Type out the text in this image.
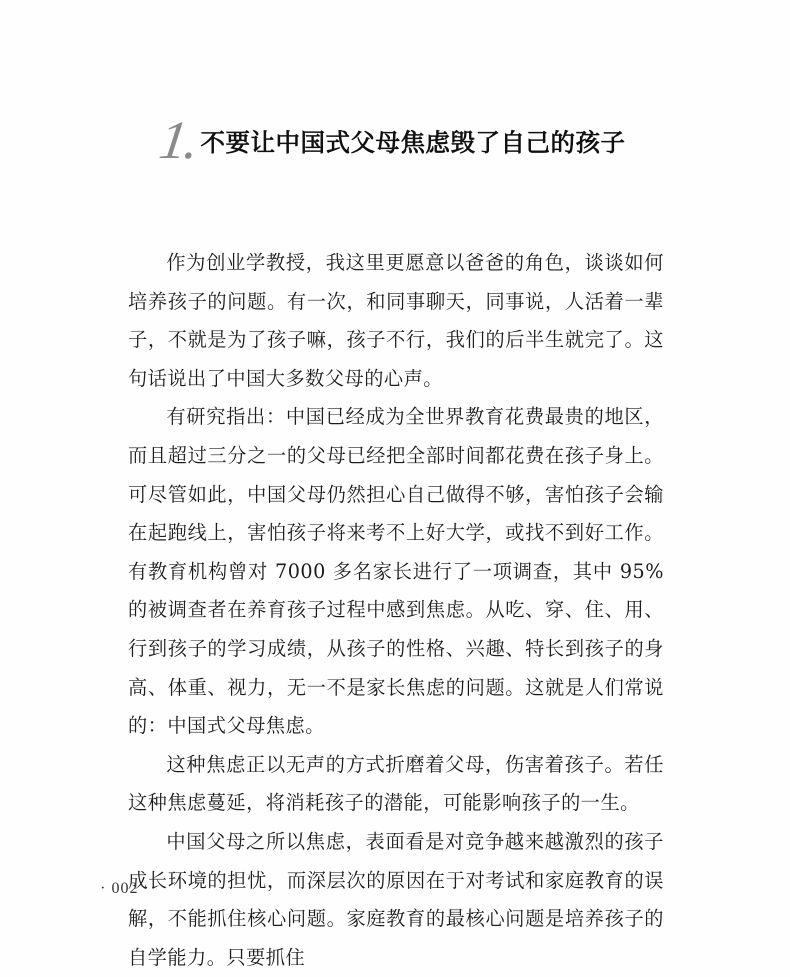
1. 不要让中国式父母焦虑毁了自己的孩子

作为创业学教授，我这里更愿意以爸爸的角色，谈谈如何培养孩子的问题。有一次，和同事聊天，同事说，人活着一辈子，不就是为了孩子嘛，孩子不行，我们的后半生就完了。这句话说出了中国大多数父母的心声。

有研究指出：中国已经成为全世界教育花费最贵的地区，而且超过三分之一的父母已经把全部时间都花费在孩子身上。可尽管如此，中国父母仍然担心自己做得不够，害怕孩子会输在起跑线上，害怕孩子将来考不上好大学，或找不到好工作。有教育机构曾对 7000 多名家长进行了一项调查，其中 95% 的被调查者在养育孩子过程中感到焦虑。从吃、穿、住、用、行到孩子的学习成绩，从孩子的性格、兴趣、特长到孩子的身高、体重、视力，无一不是家长焦虑的问题。这就是人们常说的：中国式父母焦虑。

这种焦虑正以无声的方式折磨着父母，伤害着孩子。若任这种焦虑蔓延，将消耗孩子的潜能，可能影响孩子的一生。

中国父母之所以焦虑，表面看是对竞争越来越激烈的孩子成长环境的担忧，而深层次的原因在于对考试和家庭教育的误解，不能抓住核心问题。家庭教育的最核心问题是培养孩子的自学能力。只要抓住

· 002 ·
